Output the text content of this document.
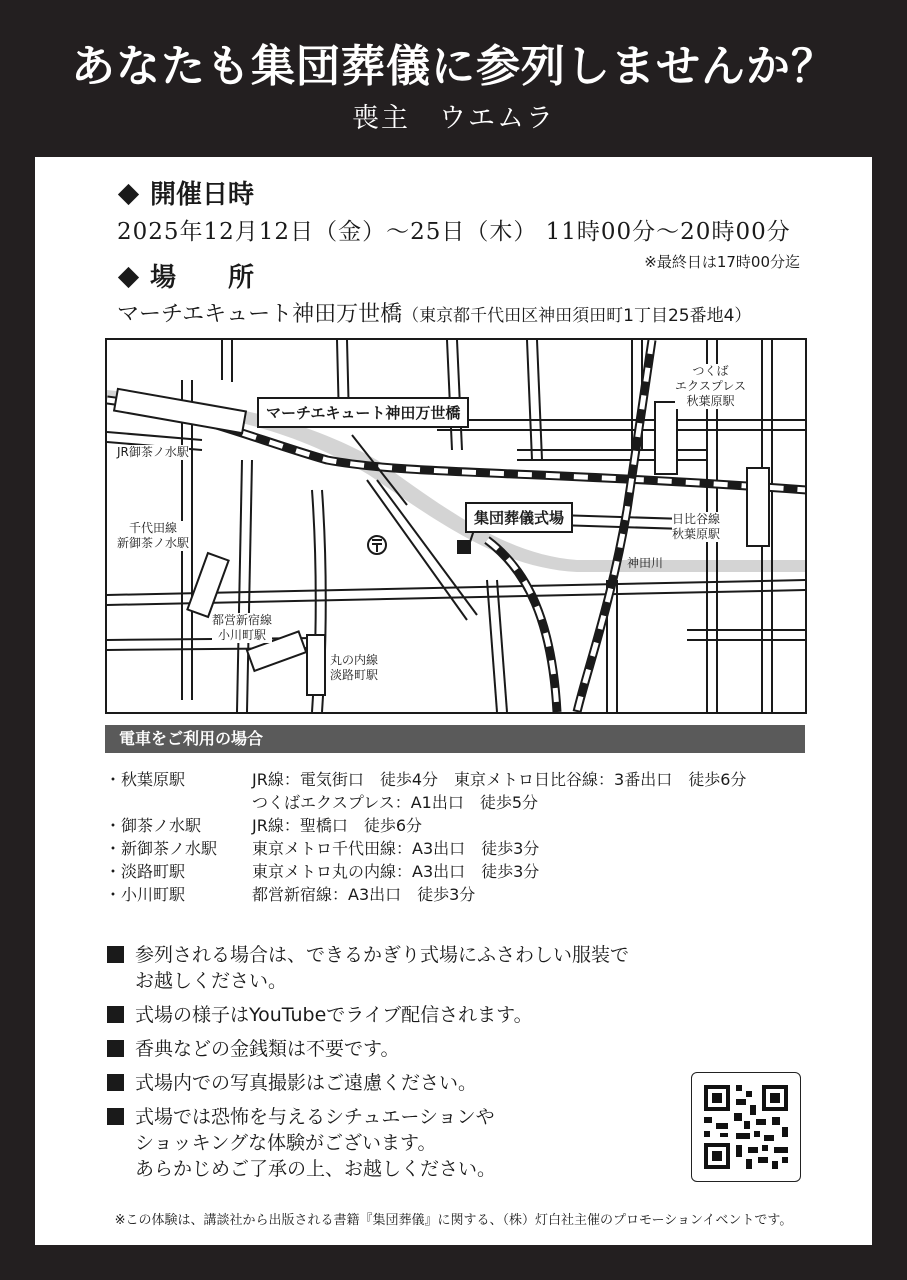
あなたも集団葬儀に参列しませんか？
喪主　ウエムラ
開催日時
2025年12月12日（金）～25日（木） 11時00分～20時00分
※最終日は17時00分迄
場　　所
マーチエキュート神田万世橋（東京都千代田区神田須田町1丁目25番地4）
マーチエキュート神田万世橋
集団葬儀式場
JR御茶ノ水駅
千代田線
新御茶ノ水駅
都営新宿線
小川町駅
丸の内線
淡路町駅
つくば
エクスプレス
秋葉原駅
日比谷線
秋葉原駅
神田川
電車をご利用の場合
・秋葉原駅	JR線：電気街口　徒歩4分　東京メトロ日比谷線：3番出口　徒歩6分
つくばエクスプレス：A1出口　徒歩5分
・御茶ノ水駅	JR線：聖橋口　徒歩6分
・新御茶ノ水駅	東京メトロ千代田線：A3出口　徒歩3分
・淡路町駅	東京メトロ丸の内線：A3出口　徒歩3分
・小川町駅	都営新宿線：A3出口　徒歩3分
参列される場合は、できるかぎり式場にふさわしい服装で
お越しください。
式場の様子はYouTubeでライブ配信されます。
香典などの金銭類は不要です。
式場内での写真撮影はご遠慮ください。
式場では恐怖を与えるシチュエーションや
ショッキングな体験がございます。
あらかじめご了承の上、お越しください。
※この体験は、講談社から出版される書籍『集団葬儀』に関する、（株）灯白社主催のプロモーションイベントです。
